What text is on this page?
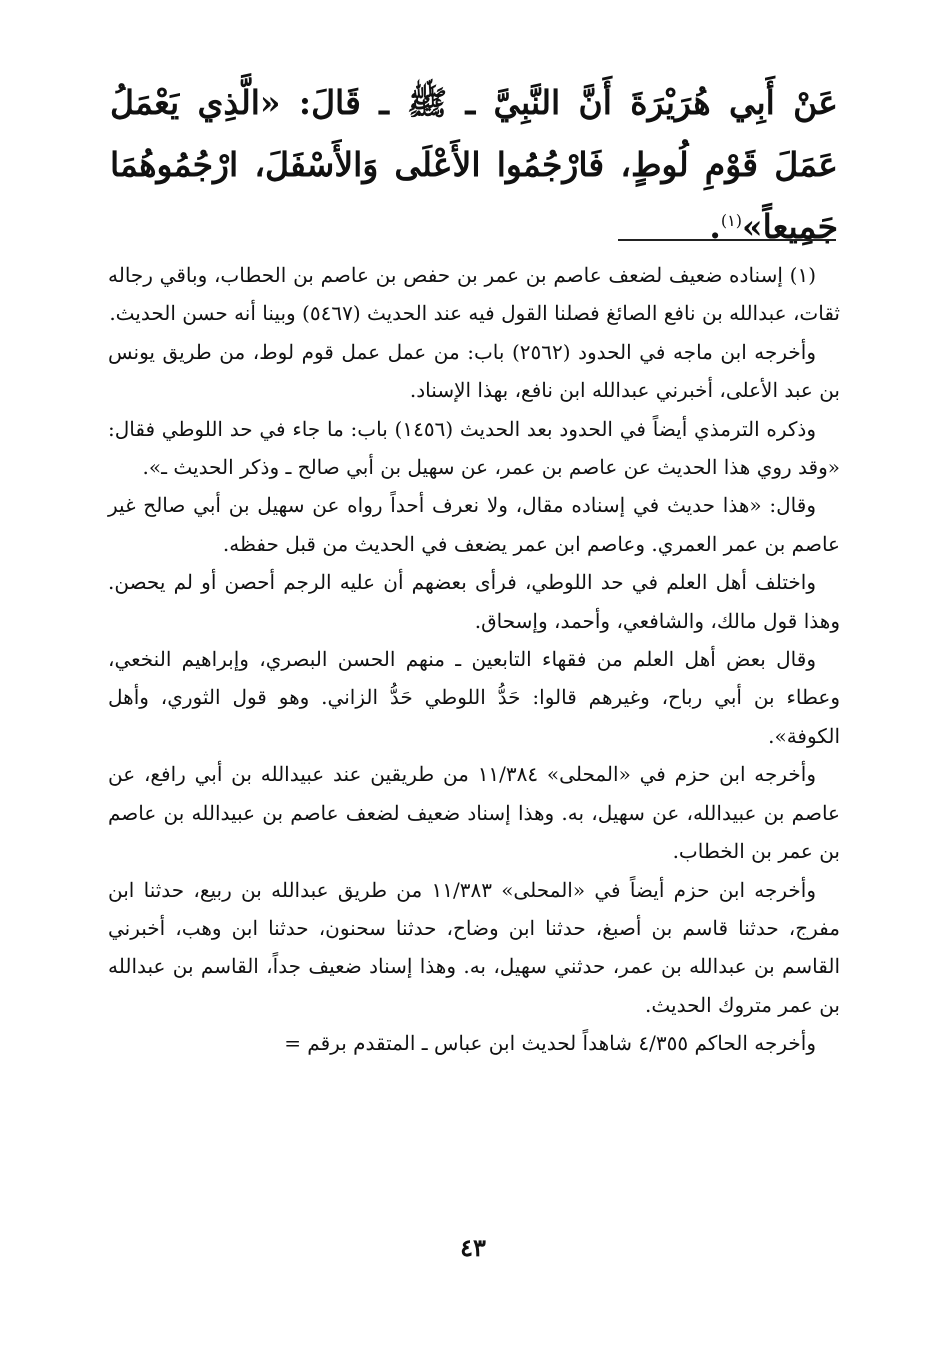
عَنْ أَبِي هُرَيْرَةَ أَنَّ النَّبِيَّ ـ ﷺ ـ قَالَ: «الَّذِي يَعْمَلُ عَمَلَ قَوْمِ لُوطٍ، فَارْجُمُوا الأَعْلَى وَالأَسْفَلَ، ارْجُمُوهُمَا جَمِيعاً»$^{(١)}$.

(١) إسناده ضعيف لضعف عاصم بن عمر بن حفص بن عاصم بن الحطاب، وباقي رجاله ثقات، عبدالله بن نافع الصائغ فصلنا القول فيه عند الحديث (٥٤٦٧) وبينا أنه حسن الحديث.

وأخرجه ابن ماجه في الحدود (٢٥٦٢) باب: من عمل عمل قوم لوط، من طريق يونس بن عبد الأعلى، أخبرني عبدالله ابن نافع، بهذا الإسناد.

وذكره الترمذي أيضاً في الحدود بعد الحديث (١٤٥٦) باب: ما جاء في حد اللوطي فقال: «وقد روي هذا الحديث عن عاصم بن عمر، عن سهيل بن أبي صالح ـ وذكر الحديث ـ».

وقال: «هذا حديث في إسناده مقال، ولا نعرف أحداً رواه عن سهيل بن أبي صالح غير عاصم بن عمر العمري. وعاصم ابن عمر يضعف في الحديث من قبل حفظه.

واختلف أهل العلم في حد اللوطي، فرأى بعضهم أن عليه الرجم أحصن أو لم يحصن. وهذا قول مالك، والشافعي، وأحمد، وإسحاق.

وقال بعض أهل العلم من فقهاء التابعين ـ منهم الحسن البصري، وإبراهيم النخعي، وعطاء بن أبي رباح، وغيرهم قالوا: حَدُّ اللوطي حَدُّ الزاني. وهو قول الثوري، وأهل الكوفة».

وأخرجه ابن حزم في «المحلى» ١١/٣٨٤ من طريقين عند عبيدالله بن أبي رافع، عن عاصم بن عبيدالله، عن سهيل، به. وهذا إسناد ضعيف لضعف عاصم بن عبيدالله بن عاصم بن عمر بن الخطاب.

وأخرجه ابن حزم أيضاً في «المحلى» ١١/٣٨٣ من طريق عبدالله بن ربيع، حدثنا ابن مفرج، حدثنا قاسم بن أصبغ، حدثنا ابن وضاح، حدثنا سحنون، حدثنا ابن وهب، أخبرني القاسم بن عبدالله بن عمر، حدثني سهيل، به. وهذا إسناد ضعيف جداً، القاسم بن عبدالله بن عمر متروك الحديث.

وأخرجه الحاكم ٤/٣٥٥ شاهداً لحديث ابن عباس ـ المتقدم برقم =

٤٣
